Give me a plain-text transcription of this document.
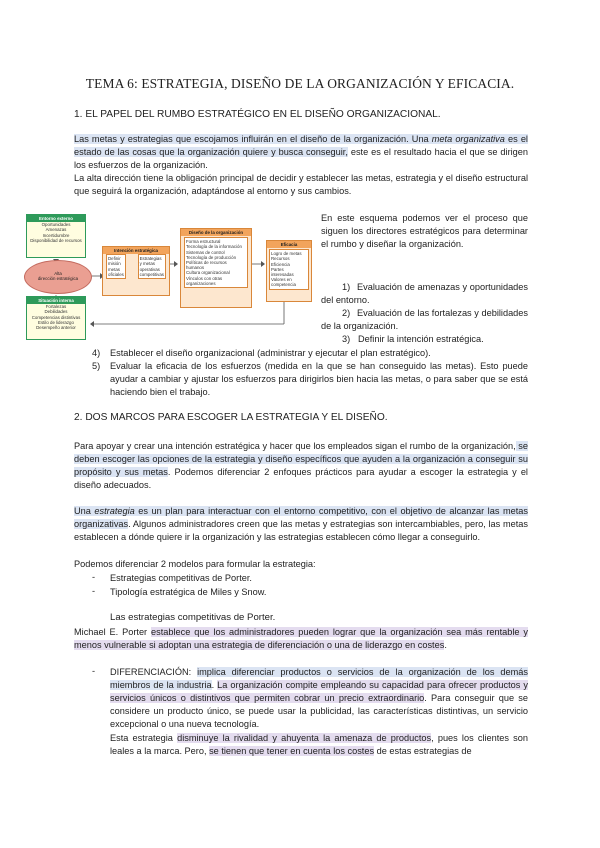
TEMA 6: ESTRATEGIA, DISEÑO DE LA ORGANIZACIÓN Y EFICACIA.
1. EL PAPEL DEL RUMBO ESTRATÉGICO EN EL DISEÑO ORGANIZACIONAL.
Las metas y estrategias que escojamos influirán en el diseño de la organización. Una meta organizativa es el estado de las cosas que la organización quiere y busca conseguir, este es el resultado hacia el que se dirigen los esfuerzos de la organización.
La alta dirección tiene la obligación principal de decidir y establecer las metas, estrategia y el diseño estructural que seguirá la organización, adaptándose al entorno y sus cambios.
Entorno externo
Oportunidades
Amenazas
Incertidumbre
Disponibilidad de recursos
Alta
dirección estratégica
Situación interna
Fortalezas
Debilidades
Competencias distintivas
Estilo de liderazgo
Desempeño anterior
Intención estratégica
Definir
misión
metas
oficiales
Estrategias
y metas
operativas
competitivas
Diseño de la organización
Forma estructural
Tecnología de la información
Sistemas de control
Tecnología de producción
Políticas de recursos humanos
Cultura organizacional
Vínculos con otras organizaciones
Eficacia
Logro de metas
Recursos
Eficiencia
Partes interesadas
Valores en competencia
En este esquema podemos ver el proceso que siguen los directores estratégicos para determinar el rumbo y diseñar la organización.
1) Evaluación de amenazas y oportunidades del entorno.
2) Evaluación de las fortalezas y debilidades de la organización.
3) Definir la intención estratégica.
4) Establecer el diseño organizacional (administrar y ejecutar el plan estratégico).
5) Evaluar la eficacia de los esfuerzos (medida en la que se han conseguido las metas). Esto puede ayudar a cambiar y ajustar los esfuerzos para dirigirlos bien hacia las metas, o para saber que se está haciendo bien el trabajo.
2. DOS MARCOS PARA ESCOGER LA ESTRATEGIA Y EL DISEÑO.
Para apoyar y crear una intención estratégica y hacer que los empleados sigan el rumbo de la organización, se deben escoger las opciones de la estrategia y diseño específicos que ayuden a la organización a conseguir su propósito y sus metas. Podemos diferenciar 2 enfoques prácticos para ayudar a escoger la estrategia y el diseño adecuados.
Una estrategia es un plan para interactuar con el entorno competitivo, con el objetivo de alcanzar las metas organizativas. Algunos administradores creen que las metas y estrategias son intercambiables, pero, las metas establecen a dónde quiere ir la organización y las estrategias establecen cómo llegar a conseguirlo.
Podemos diferenciar 2 modelos para formular la estrategia:
- Estrategias competitivas de Porter.
- Tipología estratégica de Miles y Snow.
Las estrategias competitivas de Porter.
Michael E. Porter establece que los administradores pueden lograr que la organización sea más rentable y menos vulnerable si adoptan una estrategia de diferenciación o una de liderazgo en costes.
- DIFERENCIACIÓN: implica diferenciar productos o servicios de la organización de los demás miembros de la industria. La organización compite empleando su capacidad para ofrecer productos y servicios únicos o distintivos que permiten cobrar un precio extraordinario. Para conseguir que se considere un producto único, se puede usar la publicidad, las características distintivas, un servicio excepcional o una nueva tecnología.
Esta estrategia disminuye la rivalidad y ahuyenta la amenaza de productos, pues los clientes son leales a la marca. Pero, se tienen que tener en cuenta los costes de estas estrategias de
